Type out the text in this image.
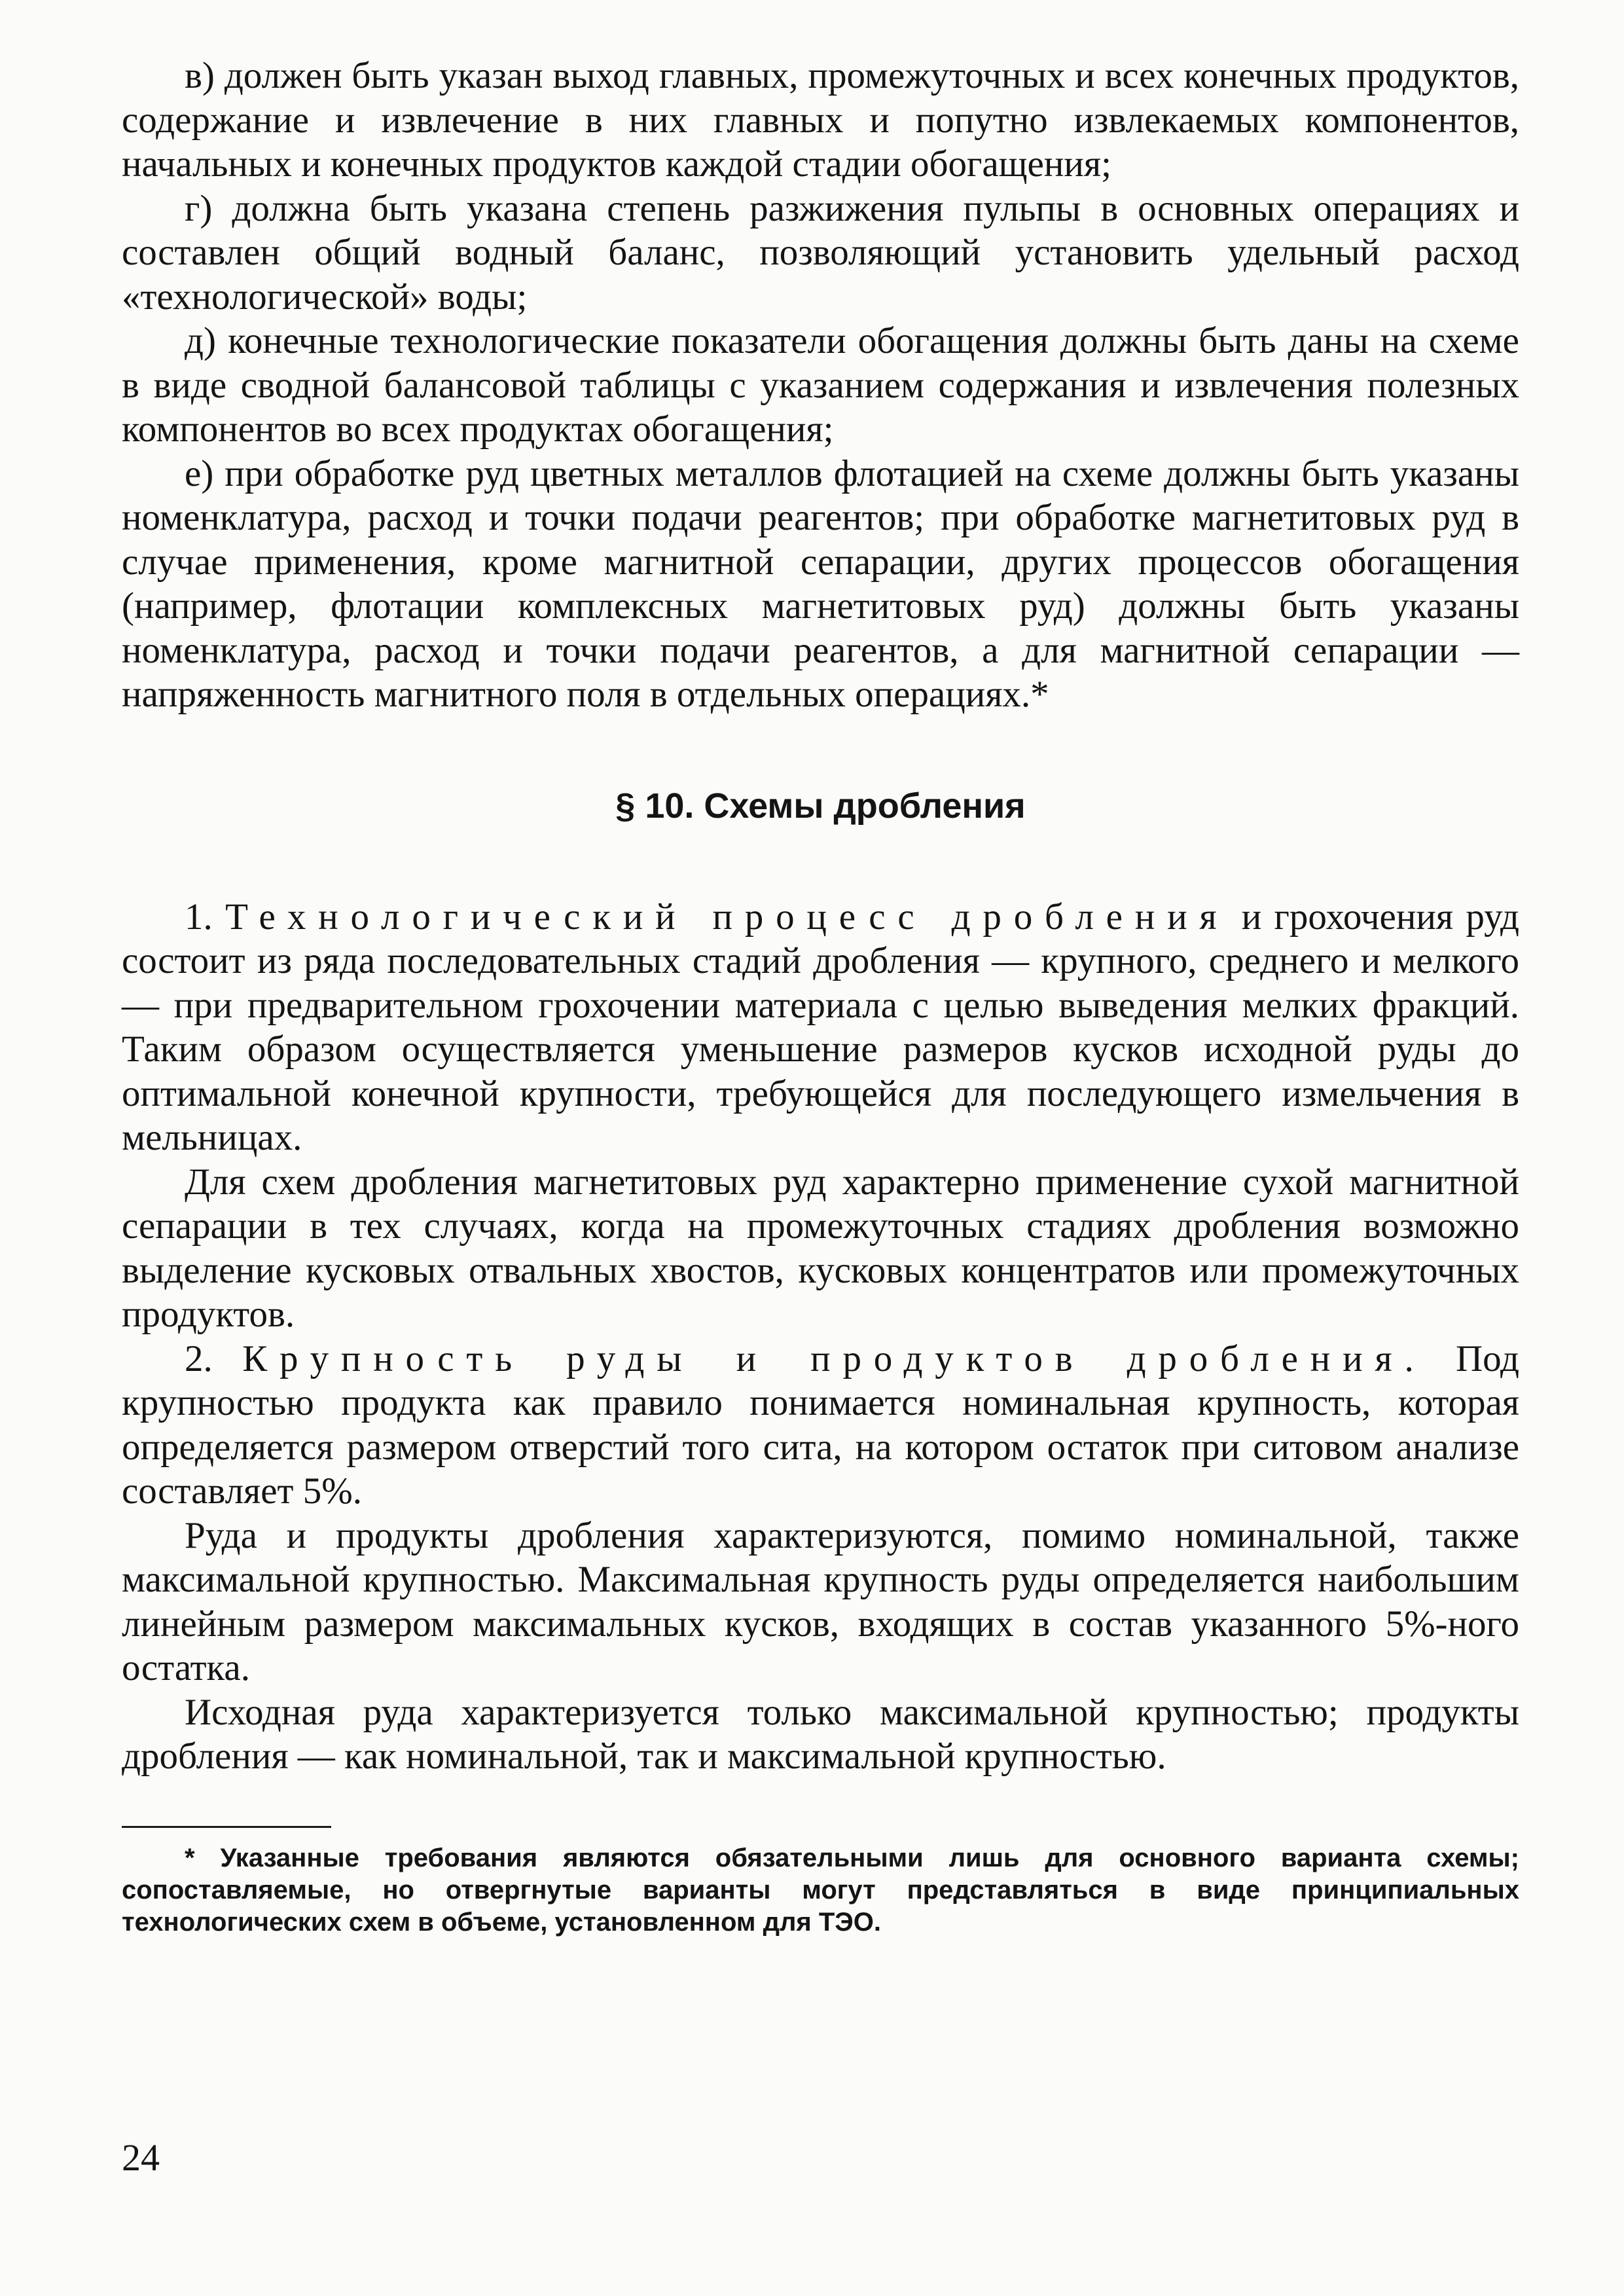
в) должен быть указан выход главных, промежуточных и всех конечных продуктов, содержание и извлечение в них главных и попутно извлекаемых компонентов, начальных и конечных продуктов каждой стадии обогащения;

г) должна быть указана степень разжижения пульпы в основных операциях и составлен общий водный баланс, позволяющий установить удельный расход «технологической» воды;

д) конечные технологические показатели обогащения должны быть даны на схеме в виде сводной балансовой таблицы с указанием содержания и извлечения полезных компонентов во всех продуктах обогащения;

е) при обработке руд цветных металлов флотацией на схеме должны быть указаны номенклатура, расход и точки подачи реагентов; при обработке магнетитовых руд в случае применения, кроме магнитной сепарации, других процессов обогащения (например, флотации комплексных магнетитовых руд) должны быть указаны номенклатура, расход и точки подачи реагентов, а для магнитной сепарации — напряженность магнитного поля в отдельных операциях.*

§ 10. Схемы дробления

1. Технологический процесс дробления и грохочения руд состоит из ряда последовательных стадий дробления — крупного, среднего и мелкого — при предварительном грохочении материала с целью выведения мелких фракций. Таким образом осуществляется уменьшение размеров кусков исходной руды до оптимальной конечной крупности, требующейся для последующего измельчения в мельницах.

Для схем дробления магнетитовых руд характерно применение сухой магнитной сепарации в тех случаях, когда на промежуточных стадиях дробления возможно выделение кусковых отвальных хвостов, кусковых концентратов или промежуточных продуктов.

2. Крупность руды и продуктов дробления. Под крупностью продукта как правило понимается номинальная крупность, которая определяется размером отверстий того сита, на котором остаток при ситовом анализе составляет 5%.

Руда и продукты дробления характеризуются, помимо номинальной, также максимальной крупностью. Максимальная крупность руды определяется наибольшим линейным размером максимальных кусков, входящих в состав указанного 5%-ного остатка.

Исходная руда характеризуется только максимальной крупностью; продукты дробления — как номинальной, так и максимальной крупностью.

* Указанные требования являются обязательными лишь для основного варианта схемы; сопоставляемые, но отвергнутые варианты могут представляться в виде принципиальных технологических схем в объеме, установленном для ТЭО.

24
